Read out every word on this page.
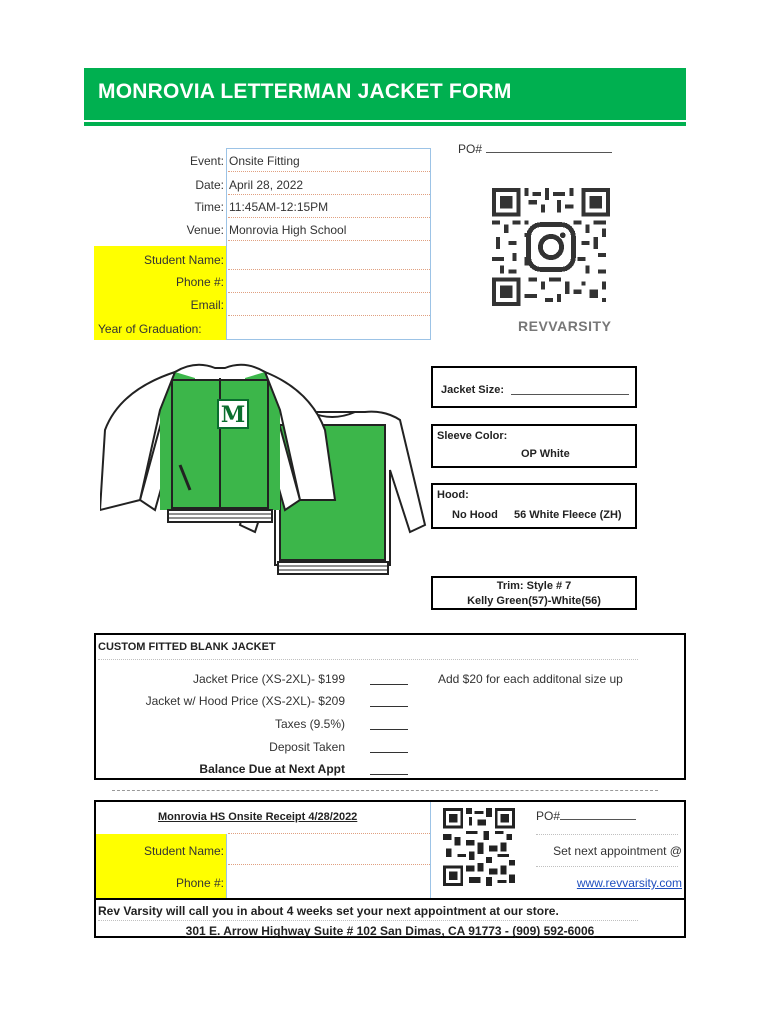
MONROVIA LETTERMAN JACKET FORM
PO#
Event: Onsite Fitting
Date: April 28, 2022
Time: 11:45AM-12:15PM
Venue: Monrovia High School
Student Name:
Phone #:
Email:
Year of Graduation:	REVVARSITY
M
Jacket Size:
Sleeve Color:
OP White
Hood:
No Hood 56 White Fleece (ZH)
Trim: Style # 7
Kelly Green(57)-White(56)
CUSTOM FITTED BLANK JACKET
Jacket Price (XS-2XL)- $199	Add $20 for each additonal size up
Jacket w/ Hood Price (XS-2XL)- $209
Taxes (9.5%)
Deposit Taken
Balance Due at Next Appt
Monrovia HS Onsite Receipt 4/28/2022
Student Name:
Phone #:
PO#
Set next appointment @
www.revvarsity.com
Rev Varsity will call you in about 4 weeks set your next appointment at our store.
301 E. Arrow Highway Suite # 102 San Dimas, CA 91773 - (909) 592-6006
